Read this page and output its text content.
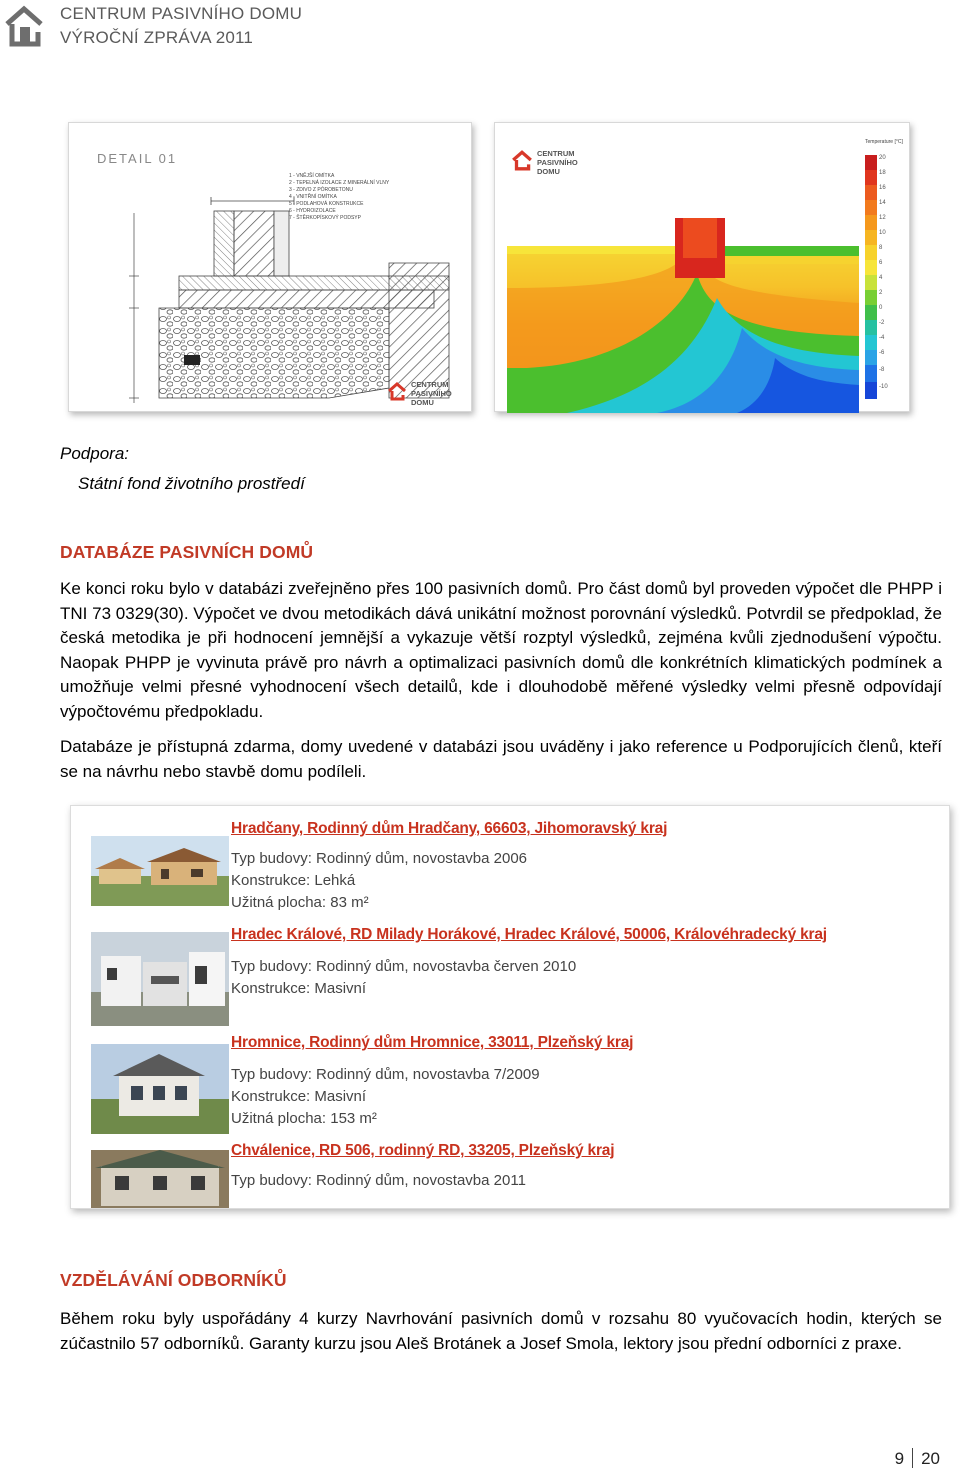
CENTRUM PASIVNÍHO DOMU
VÝROČNÍ ZPRÁVA 2011
DETAIL 01
1 - VNĚJŠÍ OMÍTKA
2 - TEPELNÁ IZOLACE Z MINERÁLNÍ VLNY
3 - ZDIVO Z PÓROBETONU
4 - VNITŘNÍ OMÍTKA
5 - PODLAHOVÁ KONSTRUKCE
6 - HYDROIZOLACE
7 - ŠTĚRKOPÍSKOVÝ PODSYP
CENTRUM
PASIVNÍHO
DOMU
CENTRUM
PASIVNÍHO
DOMU
Temperature [°C]
20
18
16
14
12
10
8
6
4
2
0
-2
-4
-6
-8
-10
Podpora:
Státní fond životního prostředí
DATABÁZE PASIVNÍCH DOMŮ
Ke konci roku bylo v databázi zveřejněno přes 100 pasivních domů. Pro část domů byl proveden výpočet dle PHPP i TNI 73 0329(30). Výpočet ve dvou metodikách dává unikátní možnost porovnání výsledků. Potvrdil se předpoklad, že česká metodika je při hodnocení jemnější a vykazuje větší rozptyl výsledků, zejména kvůli zjednodušení výpočtu. Naopak PHPP je vyvinuta právě pro návrh a optimalizaci pasivních domů dle konkrétních klimatických podmínek a umožňuje velmi přesné vyhodnocení všech detailů, kde i dlouhodobě měřené výsledky velmi přesně odpovídají výpočtovému předpokladu.
Databáze je přístupná zdarma, domy uvedené v databázi jsou uváděny i jako reference u Podporujících členů, kteří se na návrhu nebo stavbě domu podíleli.
Hradčany, Rodinný dům Hradčany, 66603, Jihomoravský kraj
Typ budovy: Rodinný dům, novostavba 2006
Konstrukce: Lehká
Užitná plocha: 83 m²
Hradec Králové, RD Milady Horákové, Hradec Králové, 50006, Královéhradecký kraj
Typ budovy: Rodinný dům, novostavba červen 2010
Konstrukce: Masivní
Hromnice, Rodinný dům Hromnice, 33011, Plzeňský kraj
Typ budovy: Rodinný dům, novostavba 7/2009
Konstrukce: Masivní
Užitná plocha: 153 m²
Chválenice, RD 506, rodinný RD, 33205, Plzeňský kraj
Typ budovy: Rodinný dům, novostavba 2011
VZDĚLÁVÁNÍ ODBORNÍKŮ
Během roku byly uspořádány 4 kurzy Navrhování pasivních domů v rozsahu 80 vyučovacích hodin, kterých se zúčastnilo 57 odborníků. Garanty kurzu jsou Aleš Brotánek a Josef Smola, lektory jsou přední odborníci z praxe.
9 20
